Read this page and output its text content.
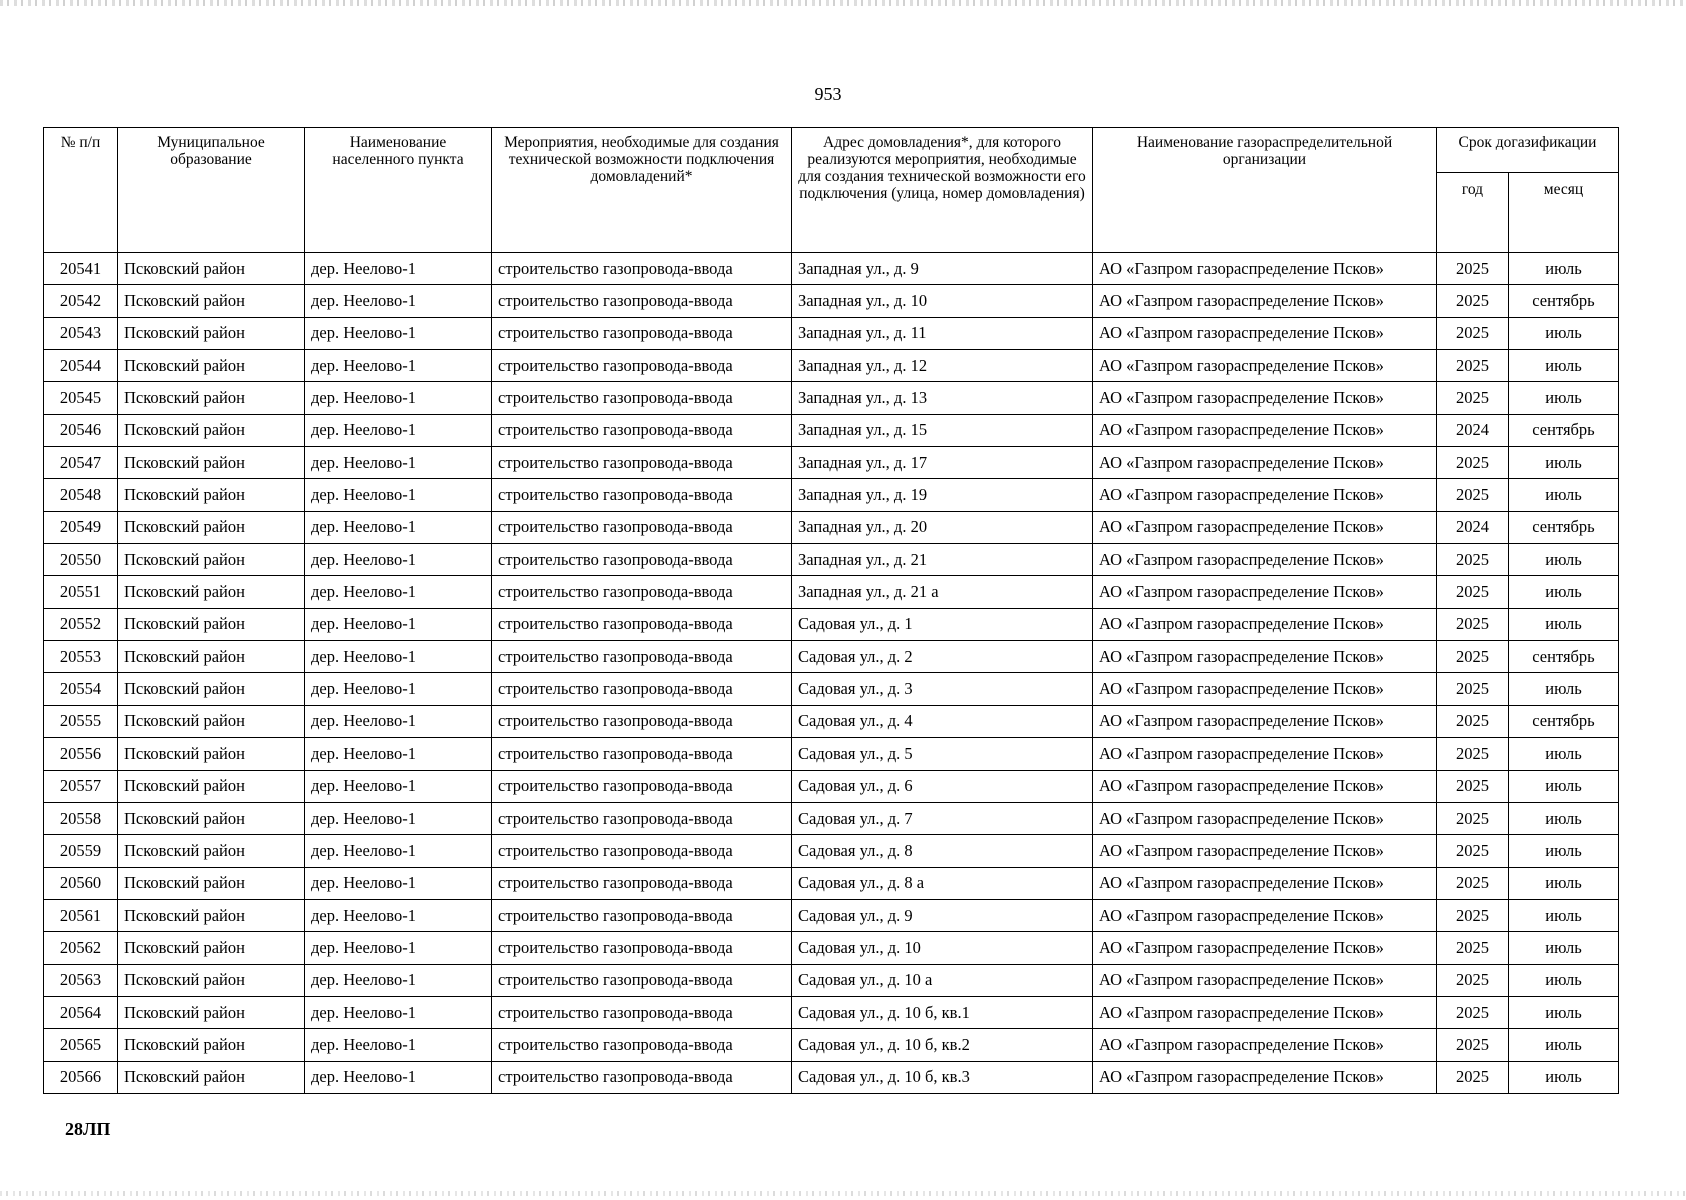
953
№ п/п	Муниципальное образование	Наименование населенного пункта	Мероприятия, необходимые для создания технической возможности подключения домовладений*	Адрес домовладения*, для которого реализуются мероприятия, необходимые для создания технической возможности его подключения (улица, номер домовладения)	Наименование газораспределительной организации	Срок догазификации	
						год	месяц
20541	Псковский район	дер. Неелово-1	строительство газопровода-ввода	Западная ул., д. 9	АО «Газпром газораспределение Псков»	2025	июль
20542	Псковский район	дер. Неелово-1	строительство газопровода-ввода	Западная ул., д. 10	АО «Газпром газораспределение Псков»	2025	сентябрь
20543	Псковский район	дер. Неелово-1	строительство газопровода-ввода	Западная ул., д. 11	АО «Газпром газораспределение Псков»	2025	июль
20544	Псковский район	дер. Неелово-1	строительство газопровода-ввода	Западная ул., д. 12	АО «Газпром газораспределение Псков»	2025	июль
20545	Псковский район	дер. Неелово-1	строительство газопровода-ввода	Западная ул., д. 13	АО «Газпром газораспределение Псков»	2025	июль
20546	Псковский район	дер. Неелово-1	строительство газопровода-ввода	Западная ул., д. 15	АО «Газпром газораспределение Псков»	2024	сентябрь
20547	Псковский район	дер. Неелово-1	строительство газопровода-ввода	Западная ул., д. 17	АО «Газпром газораспределение Псков»	2025	июль
20548	Псковский район	дер. Неелово-1	строительство газопровода-ввода	Западная ул., д. 19	АО «Газпром газораспределение Псков»	2025	июль
20549	Псковский район	дер. Неелово-1	строительство газопровода-ввода	Западная ул., д. 20	АО «Газпром газораспределение Псков»	2024	сентябрь
20550	Псковский район	дер. Неелово-1	строительство газопровода-ввода	Западная ул., д. 21	АО «Газпром газораспределение Псков»	2025	июль
20551	Псковский район	дер. Неелово-1	строительство газопровода-ввода	Западная ул., д. 21 а	АО «Газпром газораспределение Псков»	2025	июль
20552	Псковский район	дер. Неелово-1	строительство газопровода-ввода	Садовая ул., д. 1	АО «Газпром газораспределение Псков»	2025	июль
20553	Псковский район	дер. Неелово-1	строительство газопровода-ввода	Садовая ул., д. 2	АО «Газпром газораспределение Псков»	2025	сентябрь
20554	Псковский район	дер. Неелово-1	строительство газопровода-ввода	Садовая ул., д. 3	АО «Газпром газораспределение Псков»	2025	июль
20555	Псковский район	дер. Неелово-1	строительство газопровода-ввода	Садовая ул., д. 4	АО «Газпром газораспределение Псков»	2025	сентябрь
20556	Псковский район	дер. Неелово-1	строительство газопровода-ввода	Садовая ул., д. 5	АО «Газпром газораспределение Псков»	2025	июль
20557	Псковский район	дер. Неелово-1	строительство газопровода-ввода	Садовая ул., д. 6	АО «Газпром газораспределение Псков»	2025	июль
20558	Псковский район	дер. Неелово-1	строительство газопровода-ввода	Садовая ул., д. 7	АО «Газпром газораспределение Псков»	2025	июль
20559	Псковский район	дер. Неелово-1	строительство газопровода-ввода	Садовая ул., д. 8	АО «Газпром газораспределение Псков»	2025	июль
20560	Псковский район	дер. Неелово-1	строительство газопровода-ввода	Садовая ул., д. 8 а	АО «Газпром газораспределение Псков»	2025	июль
20561	Псковский район	дер. Неелово-1	строительство газопровода-ввода	Садовая ул., д. 9	АО «Газпром газораспределение Псков»	2025	июль
20562	Псковский район	дер. Неелово-1	строительство газопровода-ввода	Садовая ул., д. 10	АО «Газпром газораспределение Псков»	2025	июль
20563	Псковский район	дер. Неелово-1	строительство газопровода-ввода	Садовая ул., д. 10 а	АО «Газпром газораспределение Псков»	2025	июль
20564	Псковский район	дер. Неелово-1	строительство газопровода-ввода	Садовая ул., д. 10 б, кв.1	АО «Газпром газораспределение Псков»	2025	июль
20565	Псковский район	дер. Неелово-1	строительство газопровода-ввода	Садовая ул., д. 10 б, кв.2	АО «Газпром газораспределение Псков»	2025	июль
20566	Псковский район	дер. Неелово-1	строительство газопровода-ввода	Садовая ул., д. 10 б, кв.3	АО «Газпром газораспределение Псков»	2025	июль
28ЛП
